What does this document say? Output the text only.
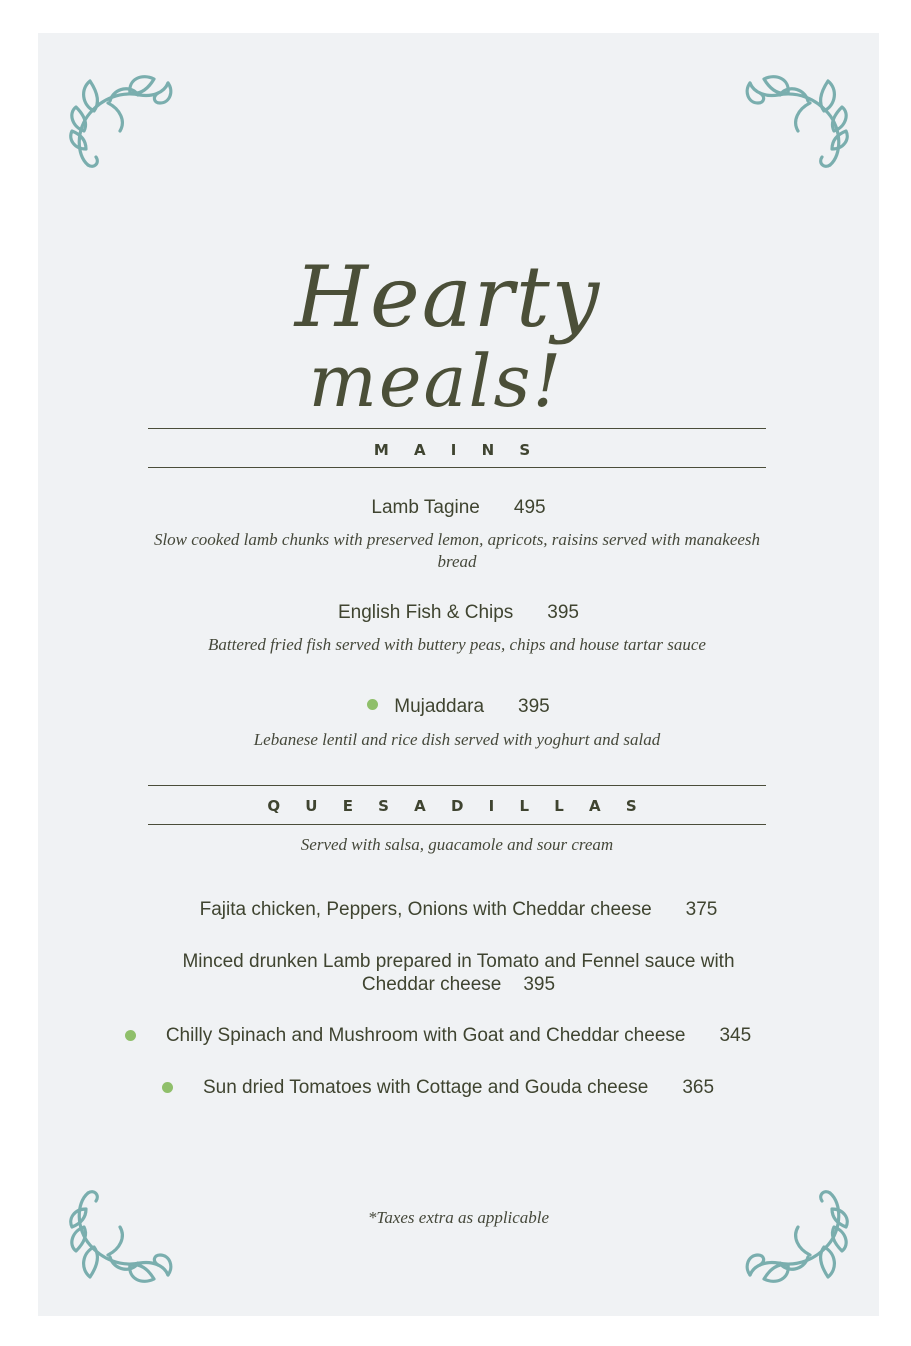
Hearty
meals!
M A I N S
Lamb Tagine 495
Slow cooked lamb chunks with preserved lemon, apricots, raisins served with manakeesh bread
English Fish & Chips 395
Battered fried fish served with buttery peas, chips and house tartar sauce
Mujaddara 395
Lebanese lentil and rice dish served with yoghurt and salad
Q U E S A D I L L A S
Served with salsa, guacamole and sour cream
Fajita chicken, Peppers, Onions with Cheddar cheese 375
Minced drunken Lamb prepared in Tomato and Fennel sauce with
Cheddar cheese 395
Chilly Spinach and Mushroom with Goat and Cheddar cheese 345
Sun dried Tomatoes with Cottage and Gouda cheese 365
*Taxes extra as applicable
